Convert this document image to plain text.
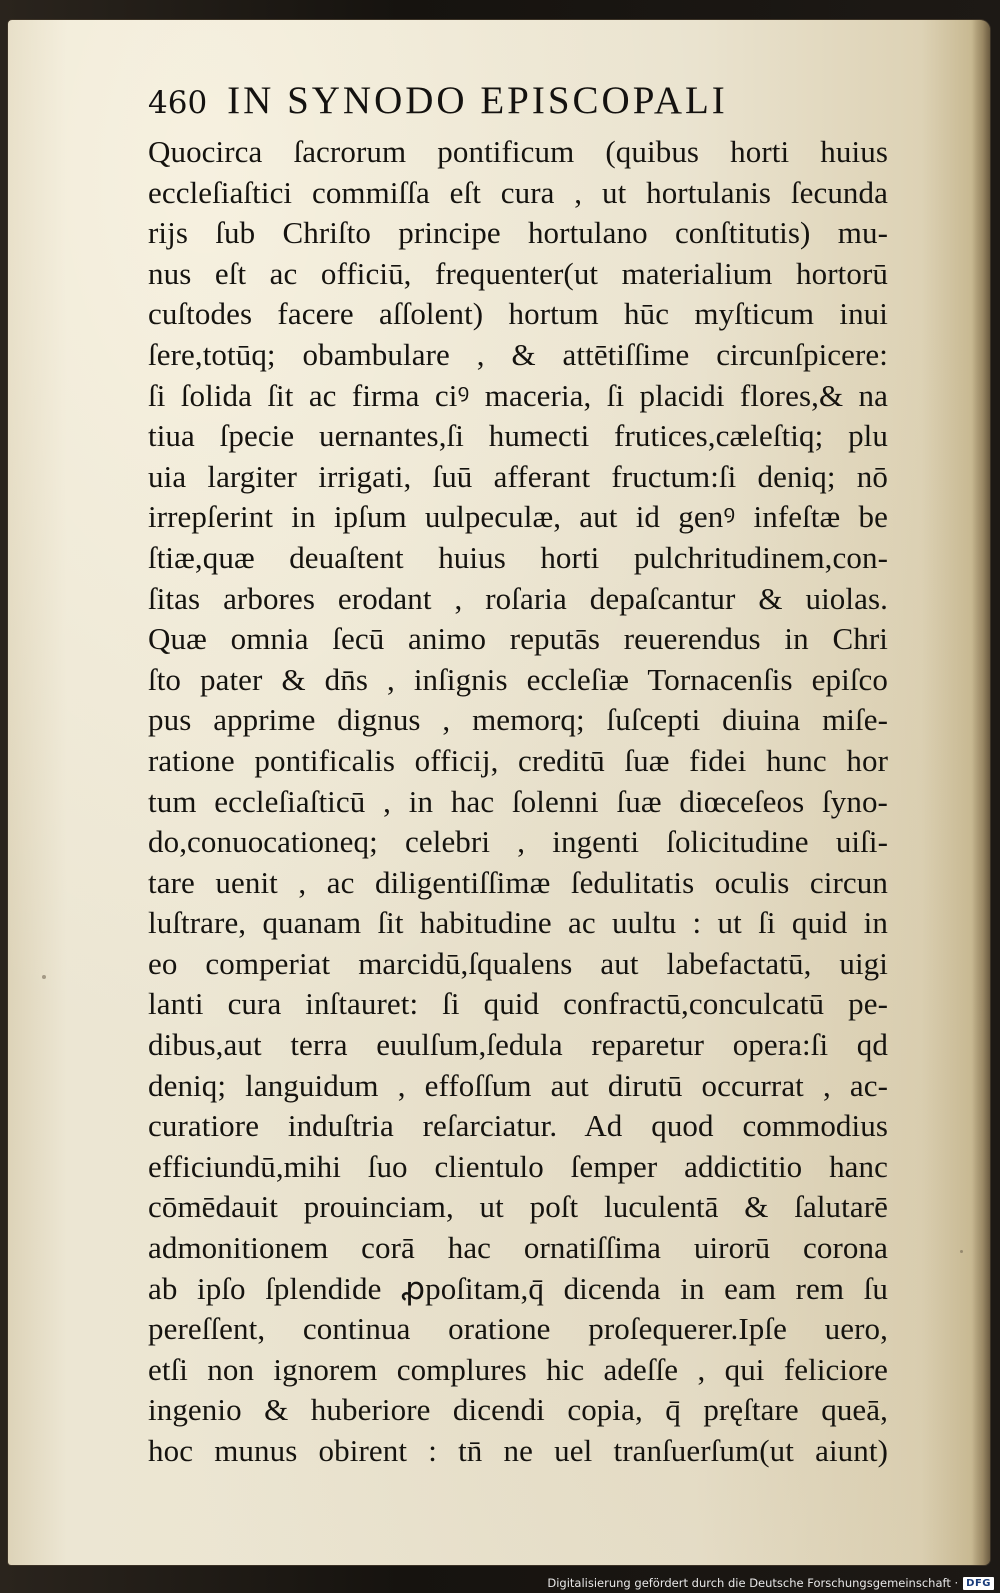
460 IN SYNODO EPISCOPALI
Quocirca ſacrorum pontificum (quibus horti huius
eccleſiaſtici commiſſa eſt cura , ut hortulanis ſecunda
rijs ſub Chriſto principe hortulano conſtitutis) mu-
nus eſt ac officiū, frequenter(ut materialium hortorū
cuſtodes facere aſſolent) hortum hūc myſticum inui
ſere,totūq; obambulare , & attētiſſime circunſpicere:
ſi ſolida ſit ac firma ciꝰ maceria, ſi placidi flores,& na
tiua ſpecie uernantes,ſi humecti frutices,cæleſtiq; plu
uia largiter irrigati, ſuū afferant fructum:ſi deniq; nō
irrepſerint in ipſum uulpeculæ, aut id genꝰ infeſtæ be
ſtiæ,quæ deuaſtent huius horti pulchritudinem,con-
ſitas arbores erodant , roſaria depaſcantur & uiolas.
Quæ omnia ſecū animo reputās reuerendus in Chri
ſto pater & dn̄s , inſignis eccleſiæ Tornacenſis epiſco
pus apprime dignus , memorq; ſuſcepti diuina miſe-
ratione pontificalis officij, creditū ſuæ fidei hunc hor
tum eccleſiaſticū , in hac ſolenni ſuæ diœceſeos ſyno-
do,conuocationeq; celebri , ingenti ſolicitudine uiſi-
tare uenit , ac diligentiſſimæ ſedulitatis oculis circun
luſtrare, quanam ſit habitudine ac uultu : ut ſi quid in
eo comperiat marcidū,ſqualens aut labefactatū, uigi
lanti cura inſtauret: ſi quid confractū,conculcatū pe-
dibus,aut terra euulſum,ſedula reparetur opera:ſi qd
deniq; languidum , effoſſum aut dirutū occurrat , ac-
curatiore induſtria reſarciatur. Ad quod commodius
efficiundū,mihi ſuo clientulo ſemper addictitio hanc
cōmēdauit prouinciam, ut poſt luculentā & ſalutarē
admonitionem corā hac ornatiſſima uirorū corona
ab ipſo ſplendide ꝓpoſitam,q̄ dicenda in eam rem ſu
pereſſent, continua oratione proſequerer.Ipſe uero,
etſi non ignorem complures hic adeſſe , qui feliciore
ingenio & huberiore dicendi copia, q̄ pręſtare queā,
hoc munus obirent : tn̄ ne uel tranſuerſum(ut aiunt)
Digitalisierung gefördert durch die Deutsche Forschungsgemeinschaft · DFG
